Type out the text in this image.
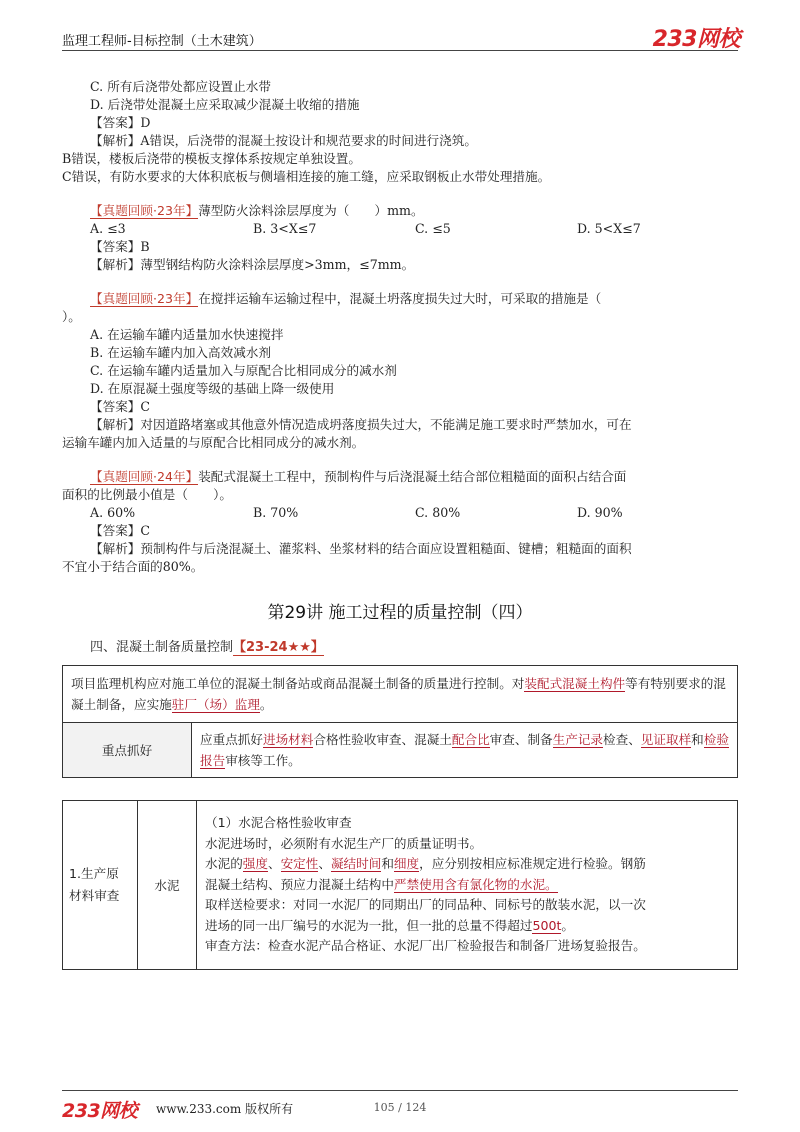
监理工程师-目标控制（土木建筑）	233网校
C. 所有后浇带处都应设置止水带
D. 后浇带处混凝土应采取减少混凝土收缩的措施
【答案】D
【解析】A错误，后浇带的混凝土按设计和规范要求的时间进行浇筑。
B错误，楼板后浇带的模板支撑体系按规定单独设置。
C错误，有防水要求的大体积底板与侧墙相连接的施工缝，应采取钢板止水带处理措施。
【真题回顾·23年】薄型防火涂料涂层厚度为（　　）mm。
A. ≤3	B. 3<X≤7	C. ≤5	D. 5<X≤7
【答案】B
【解析】薄型钢结构防火涂料涂层厚度>3mm，≤7mm。
【真题回顾·23年】在搅拌运输车运输过程中，混凝土坍落度损失过大时，可采取的措施是（
）。
A. 在运输车罐内适量加水快速搅拌
B. 在运输车罐内加入高效减水剂
C. 在运输车罐内适量加入与原配合比相同成分的减水剂
D. 在原混凝土强度等级的基础上降一级使用
【答案】C
【解析】对因道路堵塞或其他意外情况造成坍落度损失过大，不能满足施工要求时严禁加水，可在
运输车罐内加入适量的与原配合比相同成分的减水剂。
【真题回顾·24年】装配式混凝土工程中，预制构件与后浇混凝土结合部位粗糙面的面积占结合面
面积的比例最小值是（　　）。
A. 60%	B. 70%	C. 80%	D. 90%
【答案】C
【解析】预制构件与后浇混凝土、灌浆料、坐浆材料的结合面应设置粗糙面、键槽；粗糙面的面积
不宜小于结合面的80%。
第29讲 施工过程的质量控制（四）
四、混凝土制备质量控制【23-24★★】
项目监理机构应对施工单位的混凝土制备站或商品混凝土制备的质量进行控制。对装配式混凝土构件等有特别要求的混凝土制备，应实施驻厂（场）监理。
重点抓好	应重点抓好进场材料合格性验收审查、混凝土配合比审查、制备生产记录检查、见证取样和检验报告审核等工作。
1.生产原材料审查	水泥	
（1）水泥合格性验收审查
水泥进场时，必须附有水泥生产厂的质量证明书。
水泥的强度、安定性、凝结时间和细度，应分别按相应标准规定进行检验。钢筋
混凝土结构、预应力混凝土结构中严禁使用含有氯化物的水泥。
取样送检要求：对同一水泥厂的同期出厂的同品种、同标号的散装水泥，以一次
进场的同一出厂编号的水泥为一批，但一批的总量不得超过500t。
审查方法：检查水泥产品合格证、水泥厂出厂检验报告和制备厂进场复验报告。
233网校 www.233.com 版权所有	105 / 124
